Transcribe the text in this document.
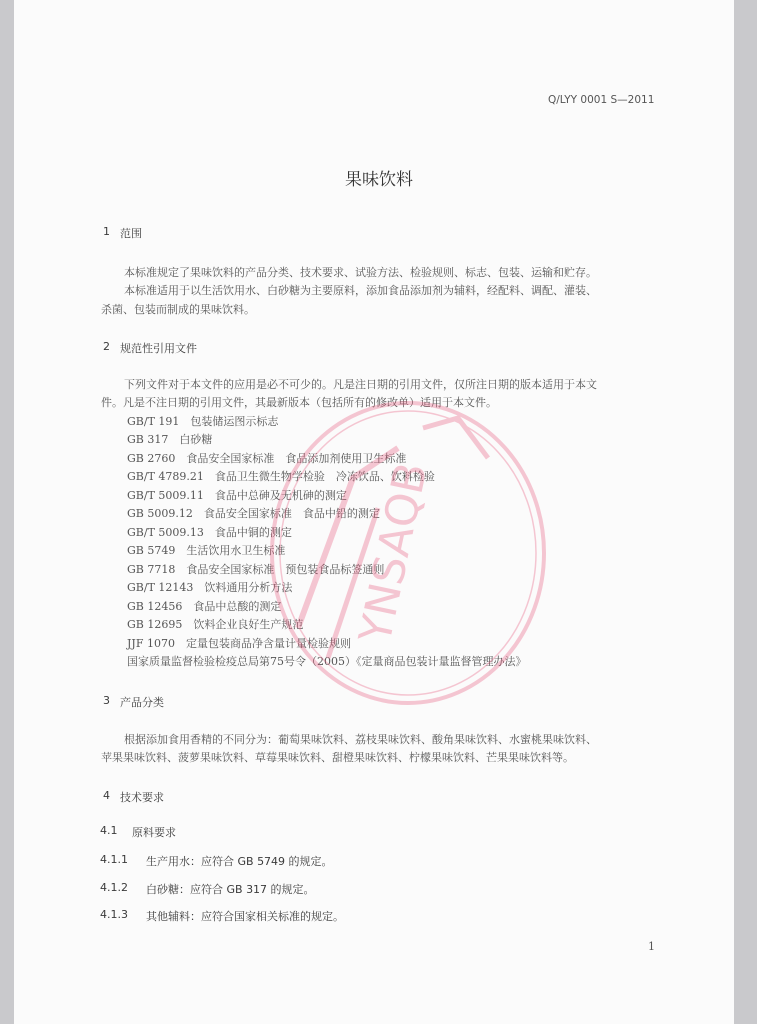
Q/LYY 0001 S—2011
果味饮料
1 范围
本标准规定了果味饮料的产品分类、技术要求、试验方法、检验规则、标志、包装、运输和贮存。
本标准适用于以生活饮用水、白砂糖为主要原料，添加食品添加剂为辅料，经配料、调配、灌装、
杀菌、包装而制成的果味饮料。
2 规范性引用文件
下列文件对于本文件的应用是必不可少的。凡是注日期的引用文件，仅所注日期的版本适用于本文
件。凡是不注日期的引用文件，其最新版本（包括所有的修改单）适用于本文件。
GB/T 191　包装储运图示标志
GB 317　白砂糖
GB 2760　食品安全国家标准　食品添加剂使用卫生标准
GB/T 4789.21　食品卫生微生物学检验　冷冻饮品、饮料检验
GB/T 5009.11　食品中总砷及无机砷的测定
GB 5009.12　食品安全国家标准　食品中铅的测定
GB/T 5009.13　食品中铜的测定
GB 5749　生活饮用水卫生标准
GB 7718　食品安全国家标准　预包装食品标签通则
GB/T 12143　饮料通用分析方法
GB 12456　食品中总酸的测定
GB 12695　饮料企业良好生产规范
JJF 1070　定量包装商品净含量计量检验规则
国家质量监督检验检疫总局第75号令（2005）《定量商品包装计量监督管理办法》
3 产品分类
根据添加食用香精的不同分为：葡萄果味饮料、荔枝果味饮料、酸角果味饮料、水蜜桃果味饮料、
苹果果味饮料、菠萝果味饮料、草莓果味饮料、甜橙果味饮料、柠檬果味饮料、芒果果味饮料等。
4 技术要求
4.1 原料要求
4.1.1 生产用水：应符合 GB 5749 的规定。
4.1.2 白砂糖：应符合 GB 317 的规定。
4.1.3 其他辅料：应符合国家相关标准的规定。
1
YNSAQB
